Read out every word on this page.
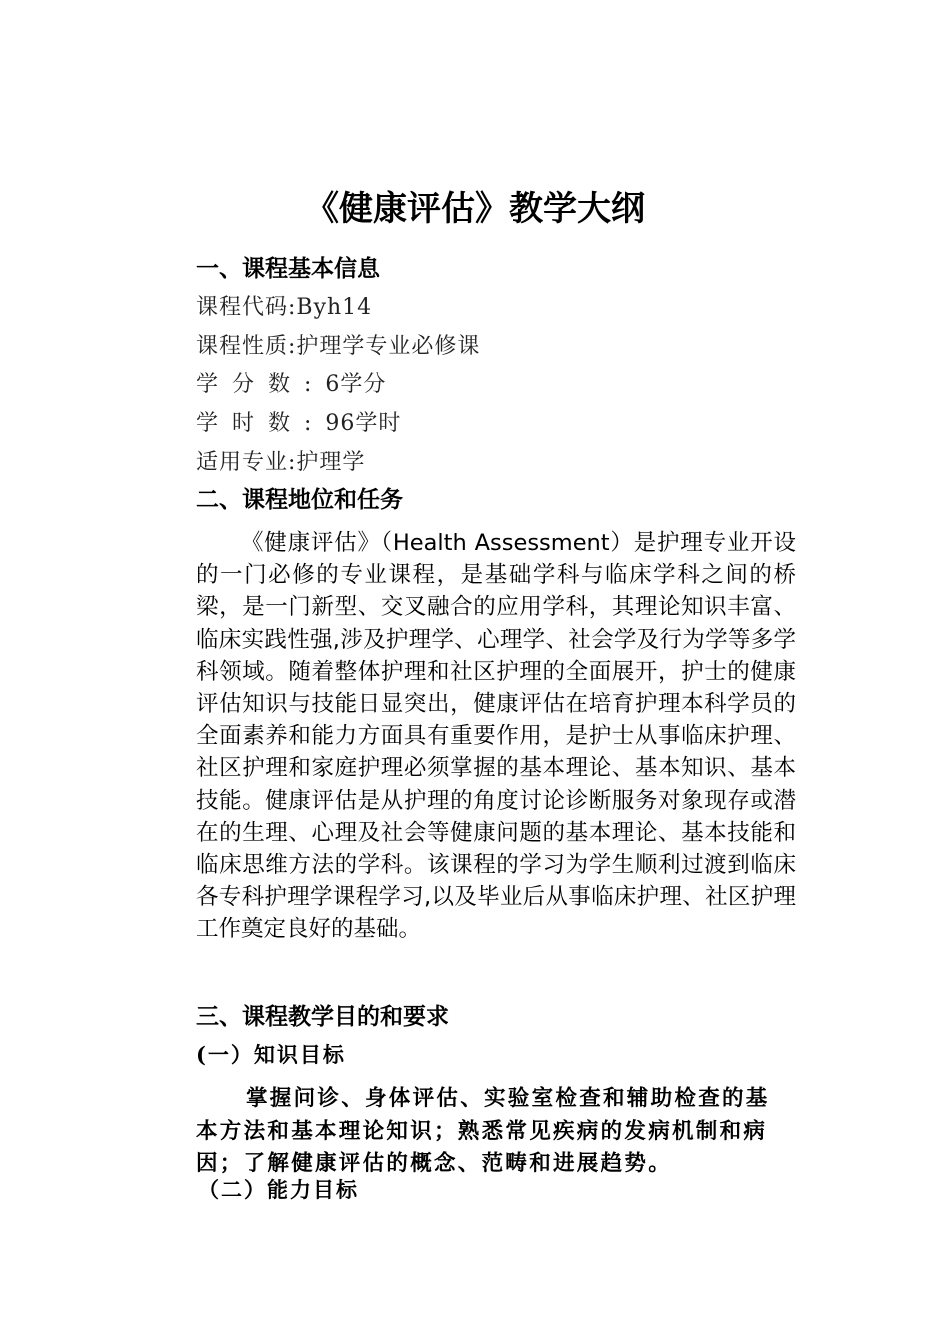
《健康评估》教学大纲
一、课程基本信息

课程代码:Byh14

课程性质:护理学专业必修课

学分数:6学分

学时数:96学时

适用专业:护理学

二、课程地位和任务

《健康评估》（Health Assessment）是护理专业开设的一门必修的专业课程，是基础学科与临床学科之间的桥梁，是一门新型、交叉融合的应用学科，其理论知识丰富、临床实践性强,涉及护理学、心理学、社会学及行为学等多学科领域。随着整体护理和社区护理的全面展开，护士的健康评估知识与技能日显突出，健康评估在培育护理本科学员的全面素养和能力方面具有重要作用，是护士从事临床护理、社区护理和家庭护理必须掌握的基本理论、基本知识、基本技能。健康评估是从护理的角度讨论诊断服务对象现存或潜在的生理、心理及社会等健康问题的基本理论、基本技能和临床思维方法的学科。该课程的学习为学生顺利过渡到临床各专科护理学课程学习,以及毕业后从事临床护理、社区护理工作奠定良好的基础。

三、课程教学目的和要求
(一）知识目标

掌握问诊、身体评估、实验室检查和辅助检查的基本方法和基本理论知识；熟悉常见疾病的发病机制和病因；了解健康评估的概念、范畴和进展趋势。

（二）能力目标
